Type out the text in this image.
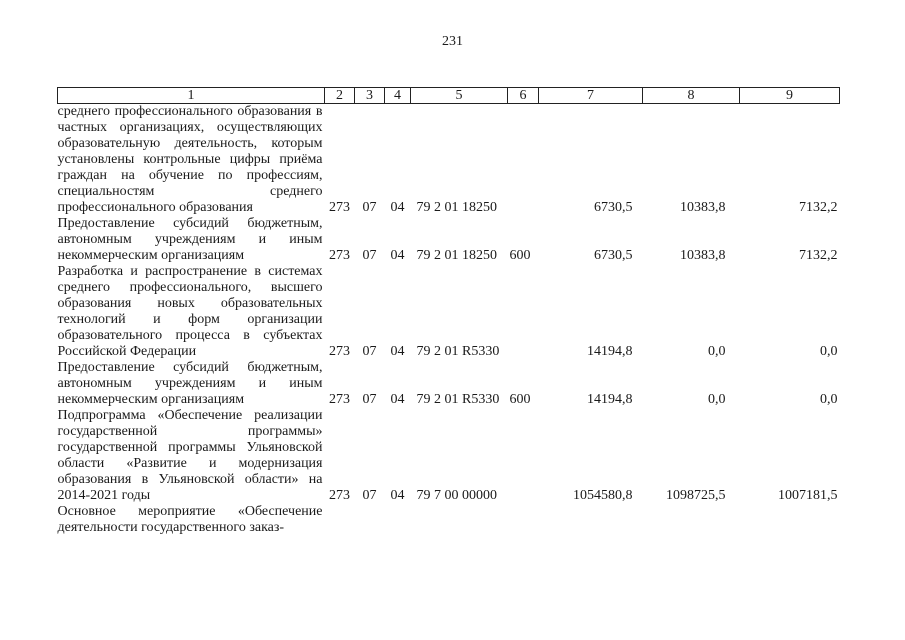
231
1	2	3	4	5	6	7	8	9
среднего профессионального образования в частных организациях, осуществляющих образовательную деятельность, которым установлены контрольные цифры приёма граждан на обучение по профессиям, специальностям среднего профессионального образования	273	07	04	79 2 01 18250		6730,5	10383,8	7132,2
Предоставление субсидий бюджетным, автономным учреждениям и иным некоммерческим организациям	273	07	04	79 2 01 18250	600	6730,5	10383,8	7132,2
Разработка и распространение в системах среднего профессионального, высшего образования новых образовательных технологий и форм организации образовательного процесса в субъектах Российской Федерации	273	07	04	79 2 01 R5330		14194,8	0,0	0,0
Предоставление субсидий бюджетным, автономным учреждениям и иным некоммерческим организациям	273	07	04	79 2 01 R5330	600	14194,8	0,0	0,0
Подпрограмма «Обеспечение реализации государственной программы» государственной программы Ульяновской области «Развитие и модернизация образования в Ульяновской области» на 2014-2021 годы	273	07	04	79 7 00 00000		1054580,8	1098725,5	1007181,5
Основное мероприятие «Обеспечение деятельности государственного заказ-								
